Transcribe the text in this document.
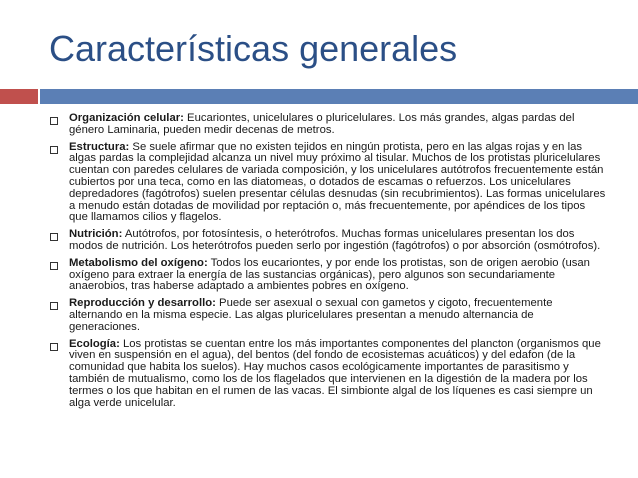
Características generales
Organización celular: Eucariontes, unicelulares o pluricelulares. Los más grandes, algas pardas del género Laminaria, pueden medir decenas de metros.
Estructura: Se suele afirmar que no existen tejidos en ningún protista, pero en las algas rojas y en las algas pardas la complejidad alcanza un nivel muy próximo al tisular. Muchos de los protistas pluricelulares cuentan con paredes celulares de variada composición, y los unicelulares autótrofos frecuentemente están cubiertos por una teca, como en las diatomeas, o dotados de escamas o refuerzos. Los unicelulares depredadores (fagótrofos) suelen presentar células desnudas (sin recubrimientos). Las formas unicelulares a menudo están dotadas de movilidad por reptación o, más frecuentemente, por apéndices de los tipos que llamamos cilios y flagelos.
Nutrición: Autótrofos, por fotosíntesis, o heterótrofos. Muchas formas unicelulares presentan los dos modos de nutrición. Los heterótrofos pueden serlo por ingestión (fagótrofos) o por absorción (osmótrofos).
Metabolismo del oxígeno: Todos los eucariontes, y por ende los protistas, son de origen aerobio (usan oxígeno para extraer la energía de las sustancias orgánicas), pero algunos son secundariamente anaerobios, tras haberse adaptado a ambientes pobres en oxígeno.
Reproducción y desarrollo: Puede ser asexual o sexual con gametos y cigoto, frecuentemente alternando en la misma especie. Las algas pluricelulares presentan a menudo alternancia de generaciones.
Ecología: Los protistas se cuentan entre los más importantes componentes del plancton (organismos que viven en suspensión en el agua), del bentos (del fondo de ecosistemas acuáticos) y del edafon (de la comunidad que habita los suelos). Hay muchos casos ecológicamente importantes de parasitismo y también de mutualismo, como los de los flagelados que intervienen en la digestión de la madera por los termes o los que habitan en el rumen de las vacas. El simbionte algal de los líquenes es casi siempre un alga verde unicelular.
